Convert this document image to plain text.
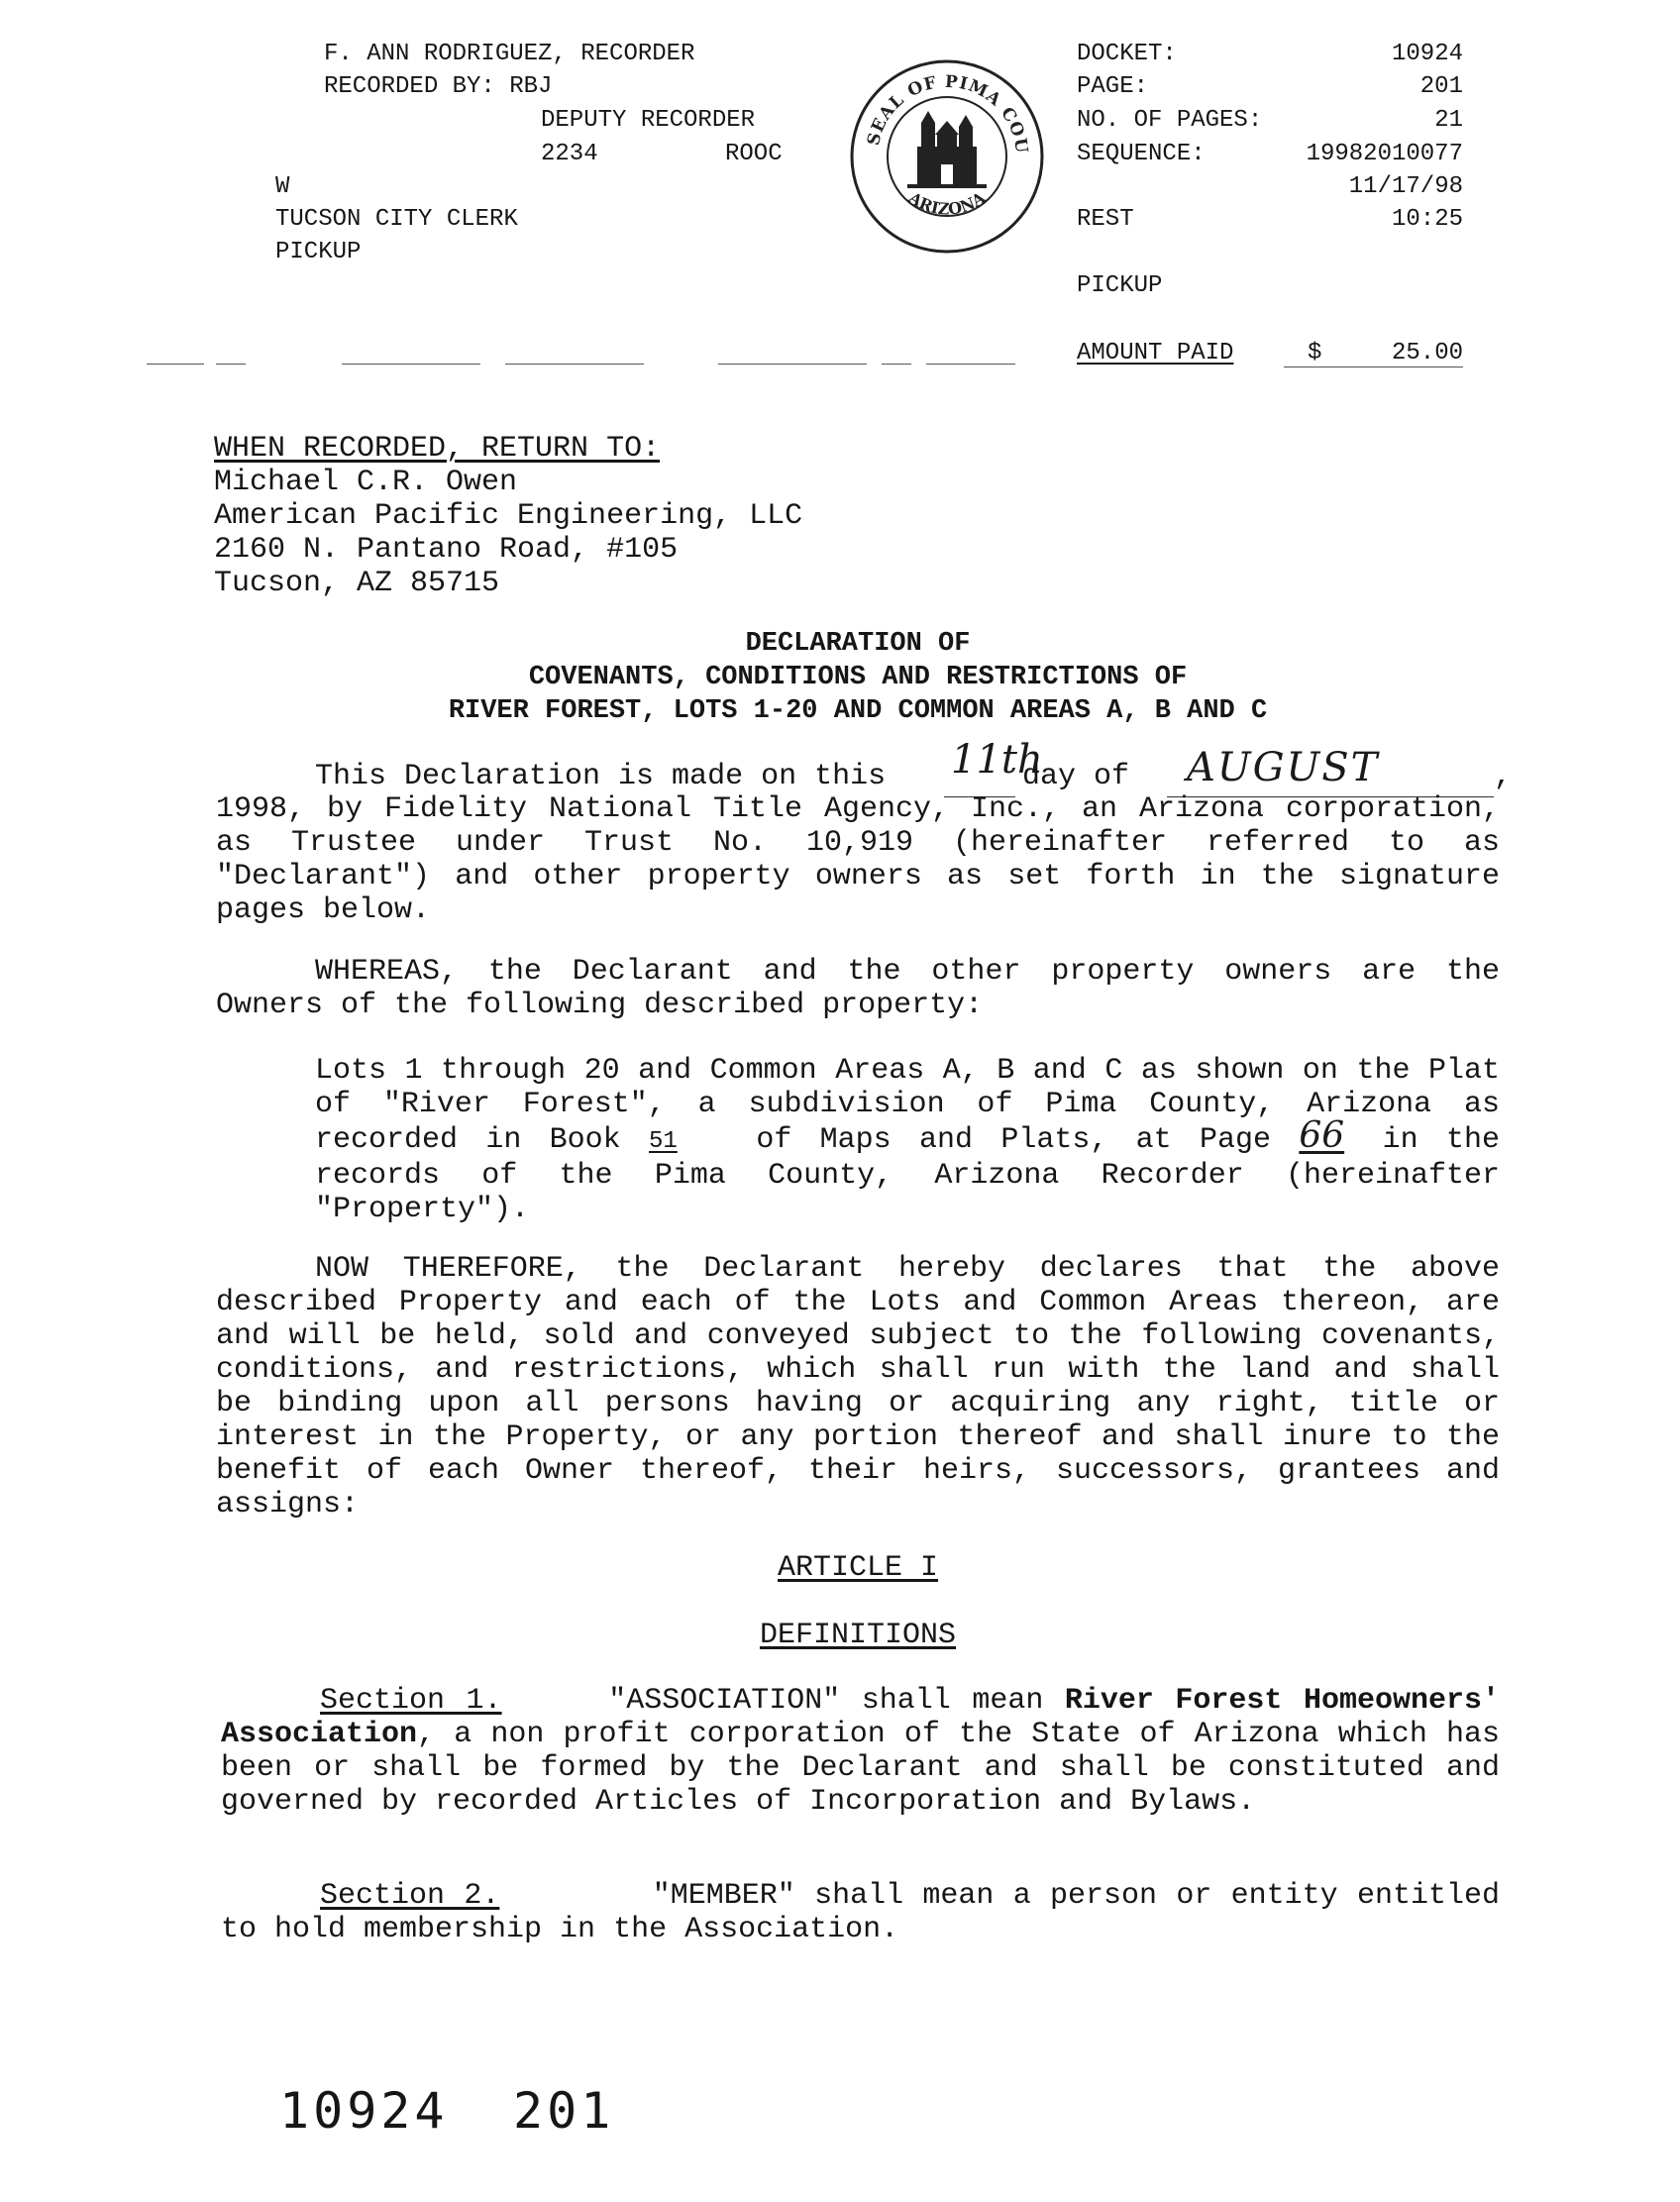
F. ANN RODRIGUEZ, RECORDER
RECORDED BY: RBJ
DEPUTY RECORDER
2234	ROOC
W
TUCSON CITY CLERK
PICKUP

SEAL OF PIMA COU
ARIZONA

DOCKET:	10924
PAGE:	201
NO. OF PAGES:	21
SEQUENCE:	19982010077
11/17/98
REST	10:25
PICKUP
AMOUNT PAID	$	25.00
WHEN RECORDED, RETURN TO:
Michael C.R. Owen
American Pacific Engineering, LLC
2160 N. Pantano Road, #105
Tucson, AZ 85715
DECLARATION OF
COVENANTS, CONDITIONS AND RESTRICTIONS OF
RIVER FOREST, LOTS 1-20 AND COMMON AREAS A, B AND C
This Declaration is made on this 11th
day of AUGUST	,
1998, by Fidelity National Title Agency, Inc., an Arizona corporation, as Trustee under Trust No. 10,919 (hereinafter referred to as "Declarant") and other property owners as set forth in the signature pages below.
WHEREAS, the Declarant and the other property owners are the Owners of the following described property:
Lots 1 through 20 and Common Areas A, B and C as shown on the Plat of "River Forest", a subdivision of Pima County, Arizona as recorded in Book 51	of Maps and Plats, at Page 66 in the records of the Pima County, Arizona Recorder (hereinafter "Property").
NOW THEREFORE, the Declarant hereby declares that the above described Property and each of the Lots and Common Areas thereon, are and will be held, sold and conveyed subject to the following covenants, conditions, and restrictions, which shall run with the land and shall be binding upon all persons having or acquiring any right, title or interest in the Property, or any portion thereof and shall inure to the benefit of each Owner thereof, their heirs, successors, grantees and assigns:
ARTICLE I
DEFINITIONS
Section 1.	"ASSOCIATION" shall mean River Forest Homeowners' Association, a non profit corporation of the State of Arizona which has been or shall be formed by the Declarant and shall be constituted and governed by recorded Articles of Incorporation and Bylaws.
Section 2.	"MEMBER" shall mean a person or entity entitled to hold membership in the Association.
10924 201
